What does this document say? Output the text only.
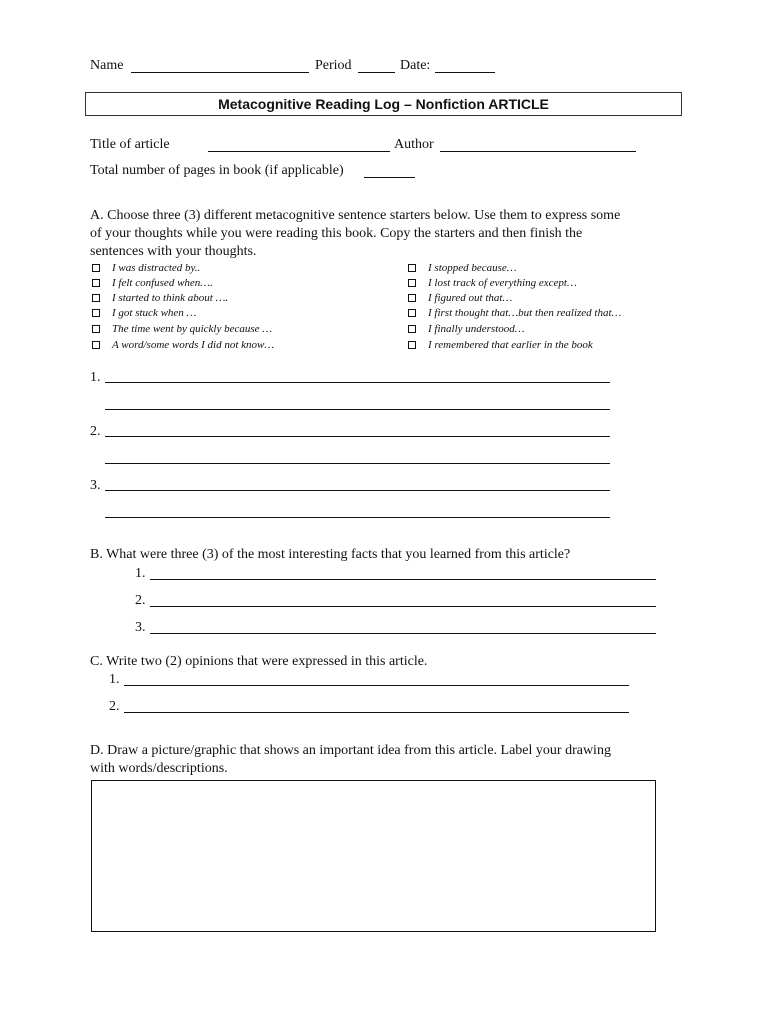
Name	Period	Date:
Metacognitive Reading Log – Nonfiction ARTICLE
Title of article	Author
Total number of pages in book (if applicable)
A. Choose three (3) different metacognitive sentence starters below. Use them to express some
of your thoughts while you were reading this book. Copy the starters and then finish the
sentences with your thoughts.
I was distracted by..
I felt confused when….
I started to think about ….
I got stuck when …
The time went by quickly because …
A word/some words I did not know…
I stopped because…
I lost track of everything except…
I figured out that…
I first thought that…but then realized that…
I finally understood…
I remembered that earlier in the book
1.
2.
3.
B. What were three (3) of the most interesting facts that you learned from this article?
1.
2.
3.
C. Write two (2) opinions that were expressed in this article.
1.
2.
D. Draw a picture/graphic that shows an important idea from this article. Label your drawing
with words/descriptions.
